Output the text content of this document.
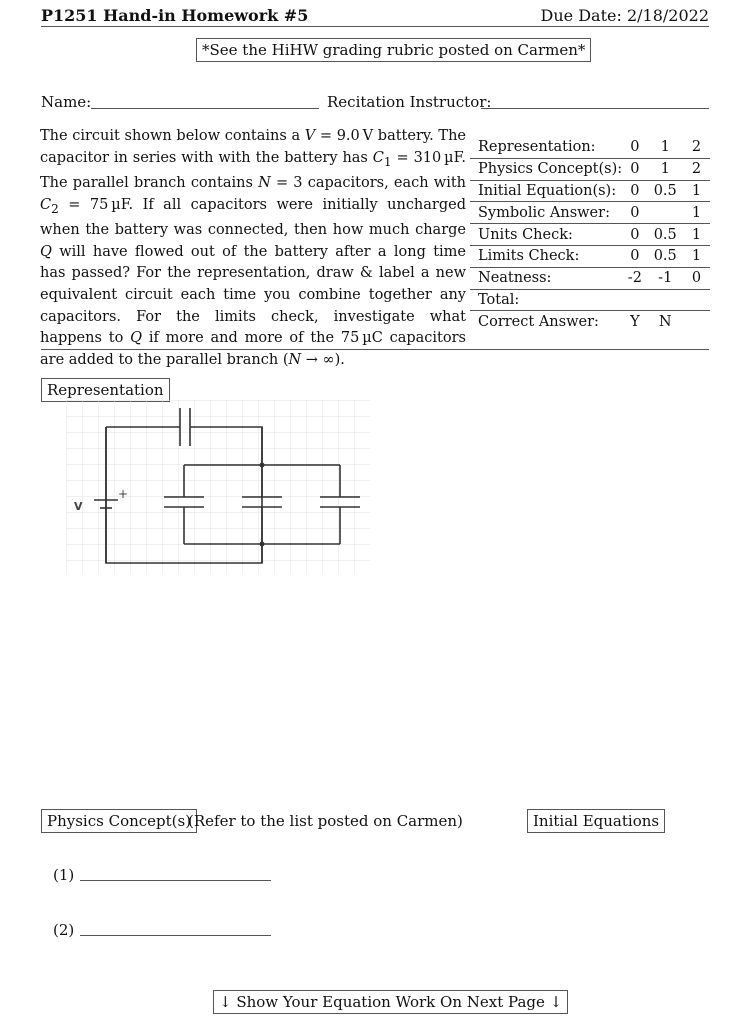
P1251 Hand-in Homework #5	Due Date: 2/18/2022
*See the HiHW grading rubric posted on Carmen*
Name:	Recitation Instructor:

The circuit shown below contains a V = 9.0 V battery. The capacitor in series with with the battery has $C_1 = 310$ µF. The parallel branch contains N = 3 capacitors, each with $C_2 = 75$ µF. If all capacitors were initially uncharged when the battery was connected, then how much charge Q will have flowed out of the battery after a long time has passed? For the representation, draw & label a new equivalent circuit each time you combine together any capacitors. For the limits check, investigate what happens to Q if more and more of the 75 µC capacitors are added to the parallel branch (N → ∞).

Representation:	0	1	2
Physics Concept(s):	0	1	2
Initial Equation(s):	0	0.5	1
Symbolic Answer:	0		1
Units Check:	0	0.5	1
Limits Check:	0	0.5	1
Neatness:	-2	-1	0
Total:			
Correct Answer:	Y	N	
Representation
+
V
Physics Concept(s)
(Refer to the list posted on Carmen)	Initial Equations
(1)
(2)
↓ Show Your Equation Work On Next Page ↓
